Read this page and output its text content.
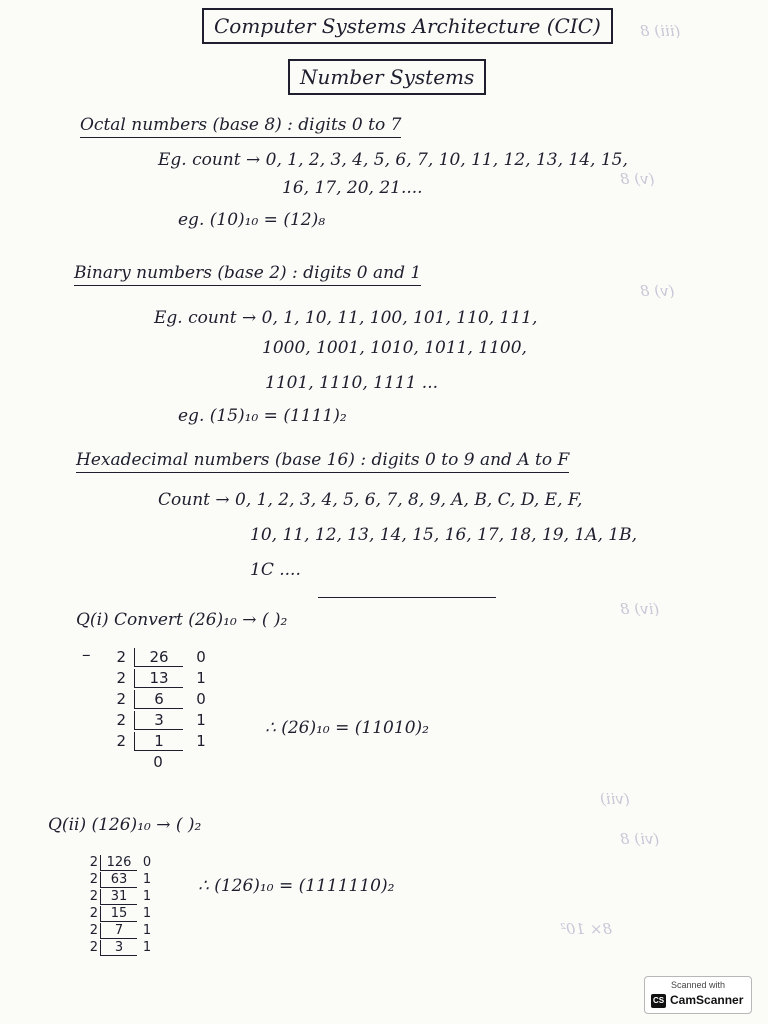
(iii) 8
(v) 8
(v) 8
(iv) 8
(vii)
(vi) 8
8× 10²
Computer Systems Architecture (CIC)
Number Systems
Octal numbers (base 8) : digits 0 to 7
Eg. count → 0, 1, 2, 3, 4, 5, 6, 7, 10, 11, 12, 13, 14, 15,
16, 17, 20, 21....
eg. (10)₁₀ = (12)₈
Binary numbers (base 2) : digits 0 and 1
Eg. count → 0, 1, 10, 11, 100, 101, 110, 111,
1000, 1001, 1010, 1011, 1100,
1101, 1110, 1111 ...
eg. (15)₁₀ = (1111)₂
Hexadecimal numbers (base 16) : digits 0 to 9 and A to F
Count → 0, 1, 2, 3, 4, 5, 6, 7, 8, 9, A, B, C, D, E, F,
10, 11, 12, 13, 14, 15, 16, 17, 18, 19, 1A, 1B,
1C ....
Q(i) Convert (26)₁₀ → ( )₂
– 2	26	0
2	13	1
2	6	0
2	3	1
2	1	1
0
∴ (26)₁₀ = (11010)₂
Q(ii) (126)₁₀ → ( )₂
2 126 0
2 63	1
2 31	1
2 15	1
2	7	1
2	3	1
∴ (126)₁₀ = (1111110)₂
Scanned with
CS CamScanner
